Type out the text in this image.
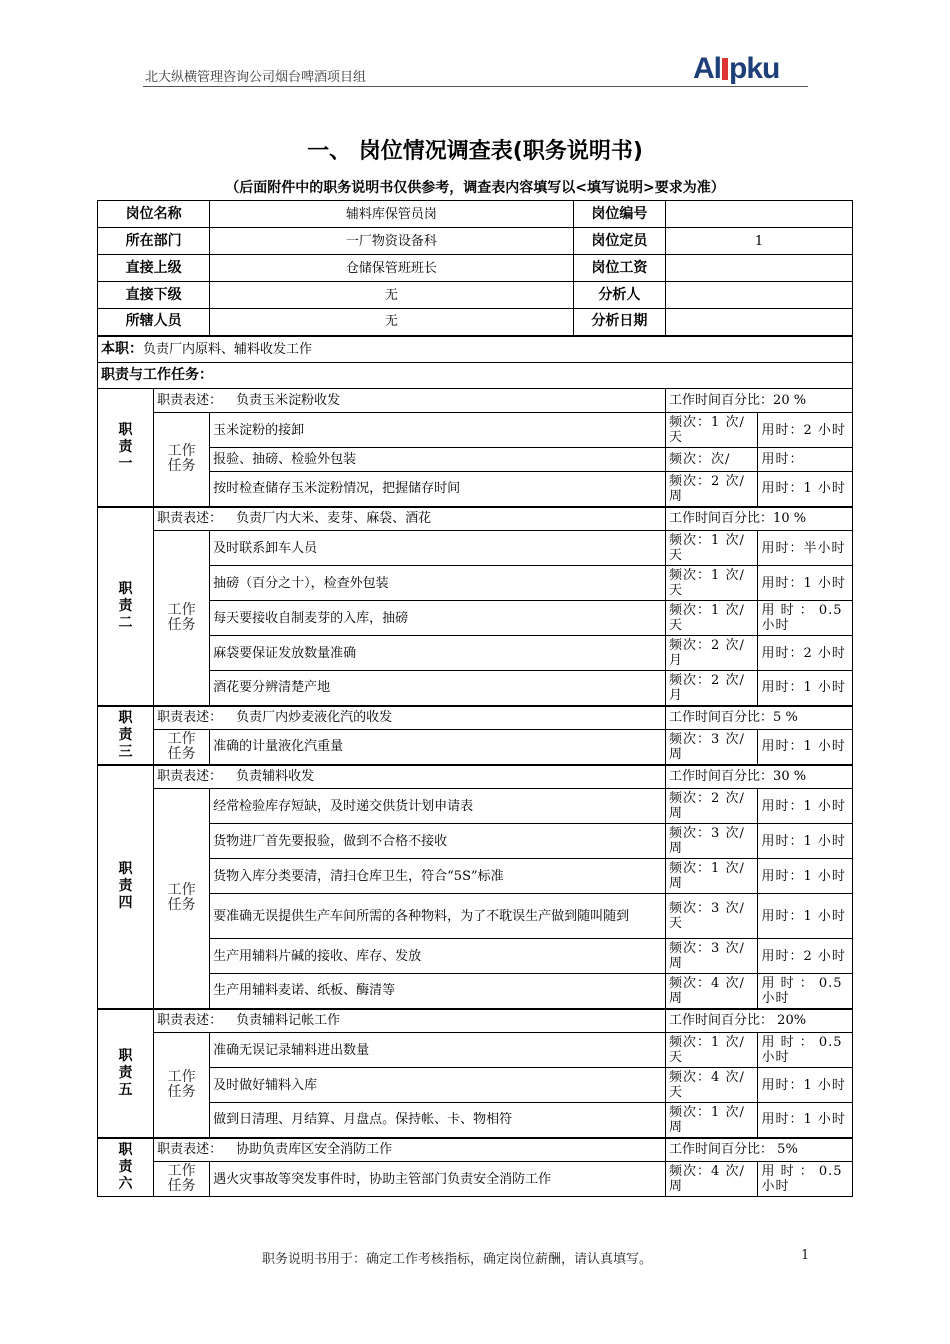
北大纵横管理咨询公司烟台啤酒项目组	Al pku
一、 岗位情况调查表(职务说明书)
（后面附件中的职务说明书仅供参考，调查表内容填写以<填写说明>要求为准）
岗位名称		辅料库保管员岗	岗位编号		
所在部门		一厂物资设备科	岗位定员	1	
直接上级		仓储保管班班长	岗位工资		
直接下级		无	分析人		
所辖人员		无	分析日期		
本职：负责厂内原料、辅料收发工作					
职责与工作任务：					
职
责
一	职责表述： 负责玉米淀粉收发			工作时间百分比：20 %	
	工作
任务	玉米淀粉的接卸		频次：1 次/天	用时：2 小时
		报验、抽磅、检验外包装		频次：次/	用时：
		按时检查储存玉米淀粉情况，把握储存时间		频次：2 次/周	用时：1 小时
职
责
二	职责表述： 负责厂内大米、麦芽、麻袋、酒花			工作时间百分比：10 %	
	工作
任务	及时联系卸车人员		频次：1 次/天	用时：半小时
		抽磅（百分之十），检查外包装		频次：1 次/ 天	用时：1 小时
		每天要接收自制麦芽的入库，抽磅		频次：1 次/天	用 时 ： 0.5 小时
		麻袋要保证发放数量准确		频次：2 次/月	用时：2 小时
		酒花要分辨清楚产地		频次：2 次/月	用时：1 小时
职
责
三	职责表述： 负责厂内炒麦液化汽的收发			工作时间百分比：5 %	
	工作
任务	准确的计量液化汽重量		频次：3 次/周	用时：1 小时
职
责
四	职责表述： 负责辅料收发			工作时间百分比：30 %	
	工作
任务	经常检验库存短缺，及时递交供货计划申请表		频次：2 次/周	用时：1 小时
		货物进厂首先要报验，做到不合格不接收		频次：3 次/周	用时：1 小时
		货物入库分类要清，清扫仓库卫生，符合“5S”标准		频次：1 次/周	用时：1 小时
		要准确无误提供生产车间所需的各种物料，为了不耽误生产做到随叫随到		频次：3 次/ 天	用时：1 小时
		生产用辅料片碱的接收、库存、发放		频次：3 次/周	用时：2 小时
		生产用辅料麦诺、纸板、酶清等		频次：4 次/周	用 时 ： 0.5 小时
职
责
五	职责表述： 负责辅料记帐工作			工作时间百分比： 20%	
	工作
任务	准确无误记录辅料进出数量		频次：1 次/天	用 时 ： 0.5 小时
		及时做好辅料入库		频次：4 次/天	用时：1 小时
		做到日清理、月结算、月盘点。保持帐、卡、物相符		频次：1 次/周	用时：1 小时
职
责
六	职责表述： 协助负责库区安全消防工作			工作时间百分比： 5%	
	工作
任务	遇火灾事故等突发事件时，协助主管部门负责安全消防工作		频次：4 次/周	用 时 ： 0.5 小时
职务说明书用于：确定工作考核指标，确定岗位薪酬，请认真填写。	1
